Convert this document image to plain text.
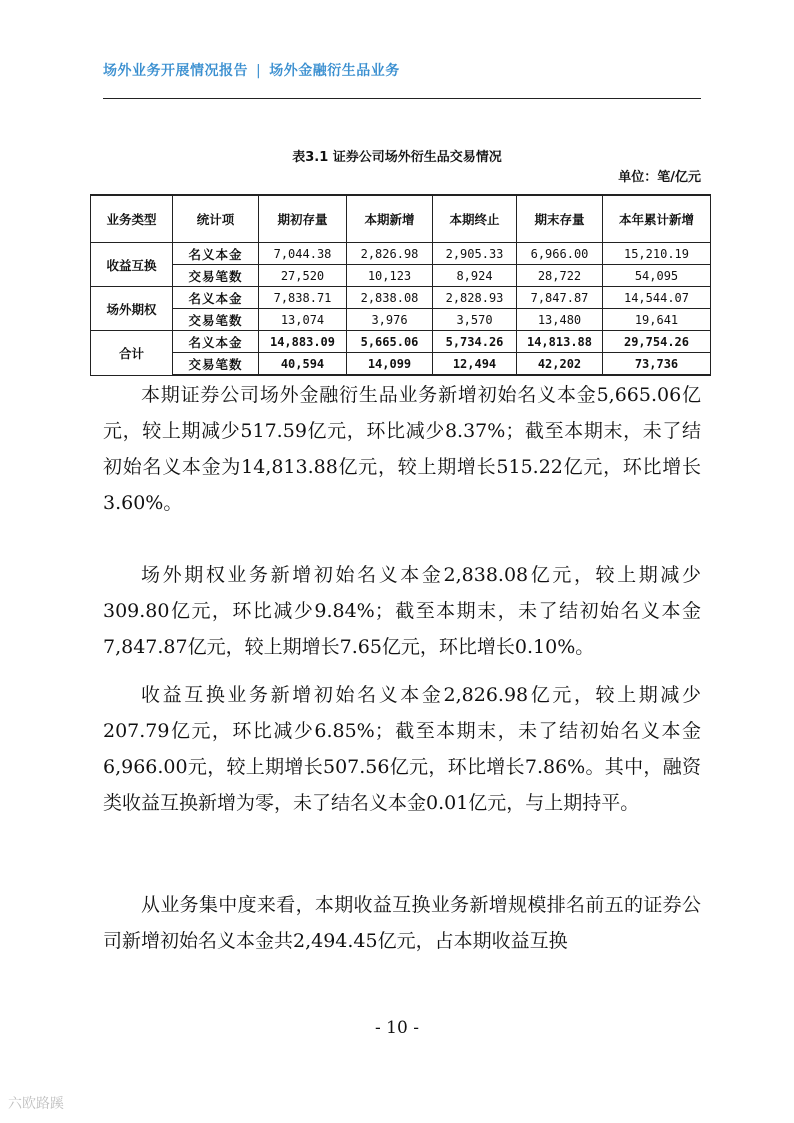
场外业务开展情况报告 | 场外金融衍生品业务
表3.1 证券公司场外衍生品交易情况
单位：笔/亿元
业务类型	统计项	期初存量	本期新增	本期终止	期末存量	本年累计新增
收益互换	名义本金	7,044.38	2,826.98	2,905.33	6,966.00	15,210.19
	交易笔数	27,520	10,123	8,924	28,722	54,095
场外期权	名义本金	7,838.71	2,838.08	2,828.93	7,847.87	14,544.07
	交易笔数	13,074	3,976	3,570	13,480	19,641
合计	名义本金	14,883.09	5,665.06	5,734.26	14,813.88	29,754.26
	交易笔数	40,594	14,099	12,494	42,202	73,736

本期证券公司场外金融衍生品业务新增初始名义本金5,665.06亿元，较上期减少517.59亿元，环比减少8.37%；截至本期末，未了结初始名义本金为14,813.88亿元，较上期增长515.22亿元，环比增长3.60%。

场外期权业务新增初始名义本金2,838.08亿元，较上期减少309.80亿元，环比减少9.84%；截至本期末，未了结初始名义本金7,847.87亿元，较上期增长7.65亿元，环比增长0.10%。

收益互换业务新增初始名义本金2,826.98亿元，较上期减少207.79亿元，环比减少6.85%；截至本期末，未了结初始名义本金6,966.00元，较上期增长507.56亿元，环比增长7.86%。其中，融资类收益互换新增为零，未了结名义本金0.01亿元，与上期持平。

从业务集中度来看，本期收益互换业务新增规模排名前五的证券公司新增初始名义本金共2,494.45亿元，占本期收益互换

- 10 -
六欧路蹊
